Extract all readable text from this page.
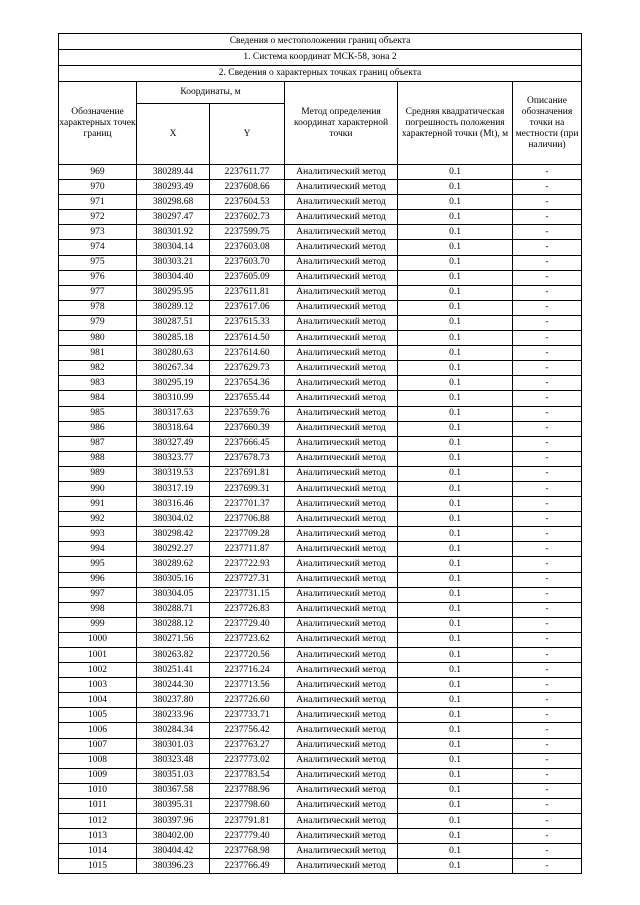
Сведения о местоположении границ объекта					
1. Система координат МСК-58, зона 2					
2. Сведения о характерных точках границ объекта					
Обозначение характерных точек границ	Координаты, м		Метод определения координат характерной точки	Средняя квадратическая погрешность положения характерной точки (Mt), м	Описание обозначения точки на местности (при наличии)
	X	Y			
969	380289.44	2237611.77	Аналитический метод	0.1	-
970	380293.49	2237608.66	Аналитический метод	0.1	-
971	380298.68	2237604.53	Аналитический метод	0.1	-
972	380297.47	2237602.73	Аналитический метод	0.1	-
973	380301.92	2237599.75	Аналитический метод	0.1	-
974	380304.14	2237603.08	Аналитический метод	0.1	-
975	380303.21	2237603.70	Аналитический метод	0.1	-
976	380304.40	2237605.09	Аналитический метод	0.1	-
977	380295.95	2237611.81	Аналитический метод	0.1	-
978	380289.12	2237617.06	Аналитический метод	0.1	-
979	380287.51	2237615.33	Аналитический метод	0.1	-
980	380285.18	2237614.50	Аналитический метод	0.1	-
981	380280.63	2237614.60	Аналитический метод	0.1	-
982	380267.34	2237629.73	Аналитический метод	0.1	-
983	380295.19	2237654.36	Аналитический метод	0.1	-
984	380310.99	2237655.44	Аналитический метод	0.1	-
985	380317.63	2237659.76	Аналитический метод	0.1	-
986	380318.64	2237660.39	Аналитический метод	0.1	-
987	380327.49	2237666.45	Аналитический метод	0.1	-
988	380323.77	2237678.73	Аналитический метод	0.1	-
989	380319.53	2237691.81	Аналитический метод	0.1	-
990	380317.19	2237699.31	Аналитический метод	0.1	-
991	380316.46	2237701.37	Аналитический метод	0.1	-
992	380304.02	2237706.88	Аналитический метод	0.1	-
993	380298.42	2237709.28	Аналитический метод	0.1	-
994	380292.27	2237711.87	Аналитический метод	0.1	-
995	380289.62	2237722.93	Аналитический метод	0.1	-
996	380305.16	2237727.31	Аналитический метод	0.1	-
997	380304.05	2237731.15	Аналитический метод	0.1	-
998	380288.71	2237726.83	Аналитический метод	0.1	-
999	380288.12	2237729.40	Аналитический метод	0.1	-
1000	380271.56	2237723.62	Аналитический метод	0.1	-
1001	380263.82	2237720.56	Аналитический метод	0.1	-
1002	380251.41	2237716.24	Аналитический метод	0.1	-
1003	380244.30	2237713.56	Аналитический метод	0.1	-
1004	380237.80	2237726.60	Аналитический метод	0.1	-
1005	380233.96	2237733.71	Аналитический метод	0.1	-
1006	380284.34	2237756.42	Аналитический метод	0.1	-
1007	380301.03	2237763.27	Аналитический метод	0.1	-
1008	380323.48	2237773.02	Аналитический метод	0.1	-
1009	380351.03	2237783.54	Аналитический метод	0.1	-
1010	380367.58	2237788.96	Аналитический метод	0.1	-
1011	380395.31	2237798.60	Аналитический метод	0.1	-
1012	380397.96	2237791.81	Аналитический метод	0.1	-
1013	380402.00	2237779.40	Аналитический метод	0.1	-
1014	380404.42	2237768.98	Аналитический метод	0.1	-
1015	380396.23	2237766.49	Аналитический метод	0.1	-
